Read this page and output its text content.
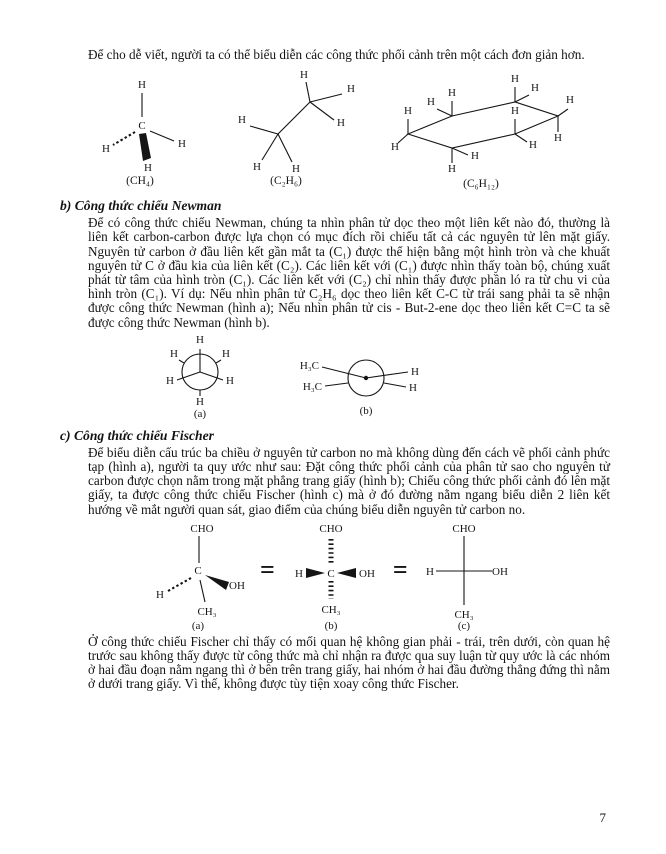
Để cho dễ viết, người ta có thể biểu diễn các công thức phối cảnh trên một cách đơn giản hơn.

H
C
H	H
H
(CH₄)
H
H
H
H
H	H
(C₂H₆)
H
H
H
H
H
H
H
H
H
H
H
H
(C₆H₁₂)
b) Công thức chiếu Newman

Để có công thức chiếu Newman, chúng ta nhìn phân tử dọc theo một liên kết nào đó, thường là liên kết carbon-carbon được lựa chọn có mục đích rồi chiếu tất cả các nguyên tử lên mặt giấy. Nguyên tử carbon ở đầu liên kết gần mắt ta (C₁) được thể hiện bằng một hình tròn và che khuất nguyên tử C ở đầu kia của liên kết (C₂). Các liên kết với (C₁) được nhìn thấy toàn bộ, chúng xuất phát từ tâm của hình tròn (C₁). Các liên kết với (C₂) chỉ nhìn thấy được phần ló ra từ chu vi của hình tròn (C₁). Ví dụ: Nếu nhìn phân tử C₂H₆ dọc theo liên kết C-C từ trái sang phải ta sẽ nhận được công thức Newman (hình a); Nếu nhìn phân tử cis - But-2-ene dọc theo liên kết C=C ta sẽ được công thức Newman (hình b).

H
H	H
H	H
H
(a)
H₃C
H₃C
H
H
(b)
c) Công thức chiếu Fischer

Để biểu diễn cấu trúc ba chiều ở nguyên tử carbon no mà không dùng đến cách vẽ phối cảnh phức tạp (hình a), người ta quy ước như sau: Đặt công thức phối cảnh của phân tử sao cho nguyên tử carbon được chọn nằm trong mặt phẳng trang giấy (hình b); Chiếu công thức phối cảnh đó lên mặt giấy, ta được công thức chiếu Fischer (hình c) mà ở đó đường nằm ngang biểu diễn 2 liên kết hướng về mắt người quan sát, giao điểm của chúng biểu diễn nguyên tử carbon no.

CHO
C
H
OH
CH₃
(a)
=
CHO
H C OH
CH₃
(b)
=
CHO
H	OH
CH₃
(c)

Ở công thức chiếu Fischer chỉ thấy có mối quan hệ không gian phải - trái, trên dưới, còn quan hệ trước sau không thấy được từ công thức mà chỉ nhận ra được qua suy luận từ quy ước là các nhóm ở hai đầu đoạn nằm ngang thì ở bên trên trang giấy, hai nhóm ở hai đầu đường thẳng đứng thì nằm ở dưới trang giấy. Vì thế, không được tùy tiện xoay công thức Fischer.

7
